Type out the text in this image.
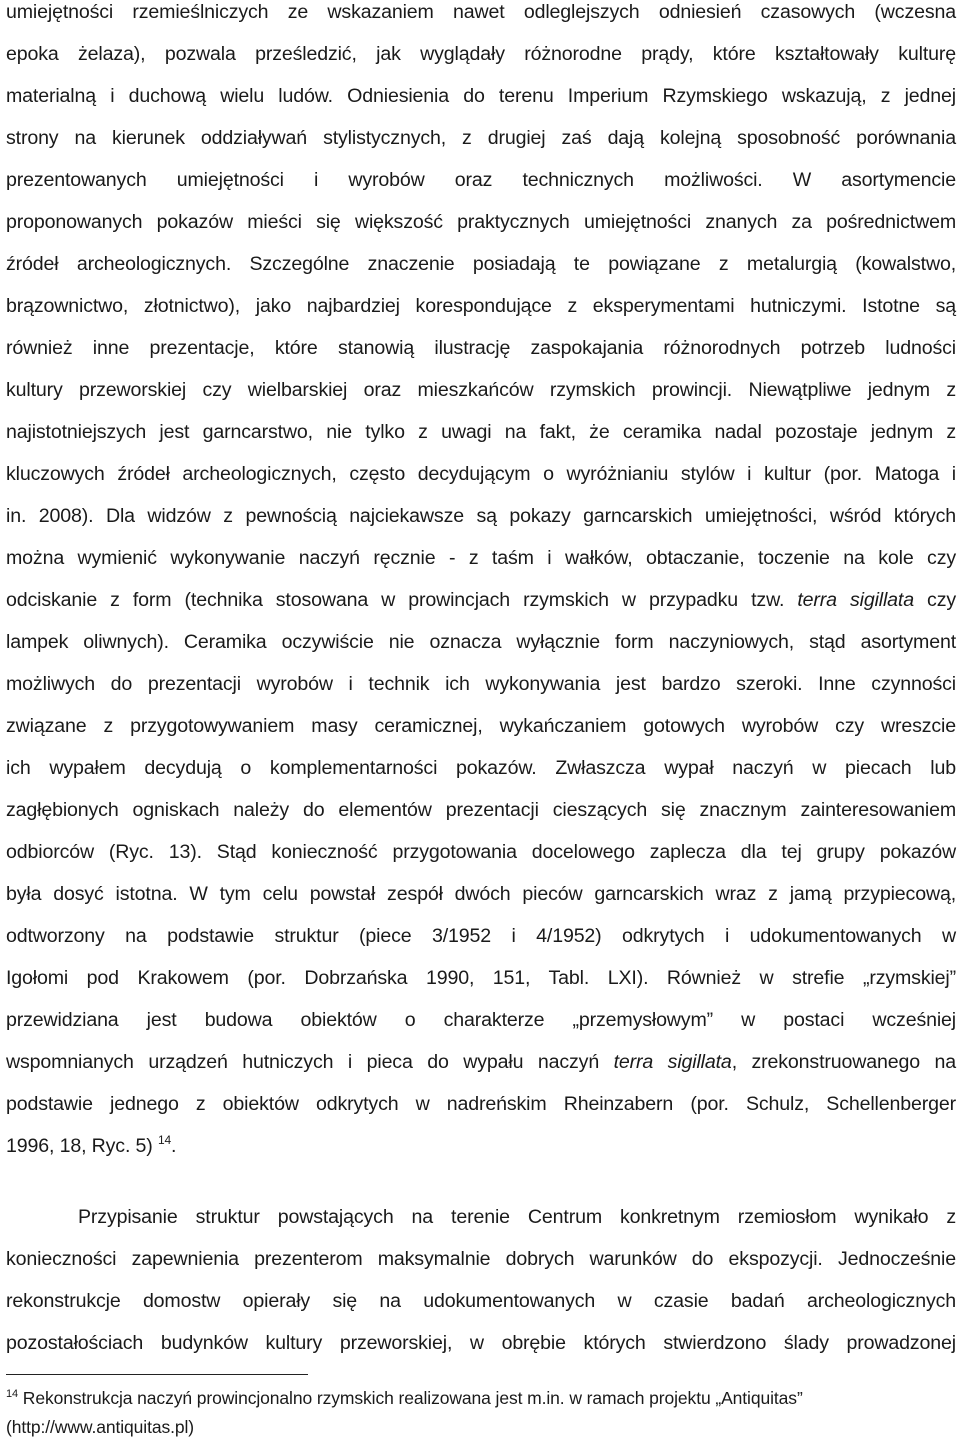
umiejętności rzemieślniczych ze wskazaniem nawet odleglejszych odniesień czasowych (wczesna
epoka żelaza), pozwala prześledzić, jak wyglądały różnorodne prądy, które kształtowały kulturę
materialną i duchową wielu ludów. Odniesienia do terenu Imperium Rzymskiego wskazują, z jednej
strony na kierunek oddziaływań stylistycznych, z drugiej zaś dają kolejną sposobność porównania
prezentowanych umiejętności i wyrobów oraz technicznych możliwości. W asortymencie
proponowanych pokazów mieści się większość praktycznych umiejętności znanych za pośrednictwem
źródeł archeologicznych. Szczególne znaczenie posiadają te powiązane z metalurgią (kowalstwo,
brązownictwo, złotnictwo), jako najbardziej korespondujące z eksperymentami hutniczymi. Istotne są
również inne prezentacje, które stanowią ilustrację zaspokajania różnorodnych potrzeb ludności
kultury przeworskiej czy wielbarskiej oraz mieszkańców rzymskich prowincji. Niewątpliwe jednym z
najistotniejszych jest garncarstwo, nie tylko z uwagi na fakt, że ceramika nadal pozostaje jednym z
kluczowych źródeł archeologicznych, często decydującym o wyróżnianiu stylów i kultur (por. Matoga i
in. 2008). Dla widzów z pewnością najciekawsze są pokazy garncarskich umiejętności, wśród których
można wymienić wykonywanie naczyń ręcznie - z taśm i wałków, obtaczanie, toczenie na kole czy
odciskanie z form (technika stosowana w prowincjach rzymskich w przypadku tzw. terra sigillata czy
lampek oliwnych). Ceramika oczywiście nie oznacza wyłącznie form naczyniowych, stąd asortyment
możliwych do prezentacji wyrobów i technik ich wykonywania jest bardzo szeroki. Inne czynności
związane z przygotowywaniem masy ceramicznej, wykańczaniem gotowych wyrobów czy wreszcie
ich wypałem decydują o komplementarności pokazów. Zwłaszcza wypał naczyń w piecach lub
zagłębionych ogniskach należy do elementów prezentacji cieszących się znacznym zainteresowaniem
odbiorców (Ryc. 13). Stąd konieczność przygotowania docelowego zaplecza dla tej grupy pokazów
była dosyć istotna. W tym celu powstał zespół dwóch pieców garncarskich wraz z jamą przypiecową,
odtworzony na podstawie struktur (piece 3/1952 i 4/1952) odkrytych i udokumentowanych w
Igołomi pod Krakowem (por. Dobrzańska 1990, 151, Tabl. LXI). Również w strefie „rzymskiej”
przewidziana jest budowa obiektów o charakterze „przemysłowym” w postaci wcześniej
wspomnianych urządzeń hutniczych i pieca do wypału naczyń terra sigillata, zrekonstruowanego na
podstawie jednego z obiektów odkrytych w nadreńskim Rheinzabern (por. Schulz, Schellenberger
1996, 18, Ryc. 5) $^{14}$.
Przypisanie struktur powstających na terenie Centrum konkretnym rzemiosłom wynikało z
konieczności zapewnienia prezenterom maksymalnie dobrych warunków do ekspozycji. Jednocześnie
rekonstrukcje domostw opierały się na udokumentowanych w czasie badań archeologicznych
pozostałościach budynków kultury przeworskiej, w obrębie których stwierdzono ślady prowadzonej
$^{14}$ Rekonstrukcja naczyń prowincjonalno rzymskich realizowana jest m.in. w ramach projektu „Antiquitas”
(http://www.antiquitas.pl)
